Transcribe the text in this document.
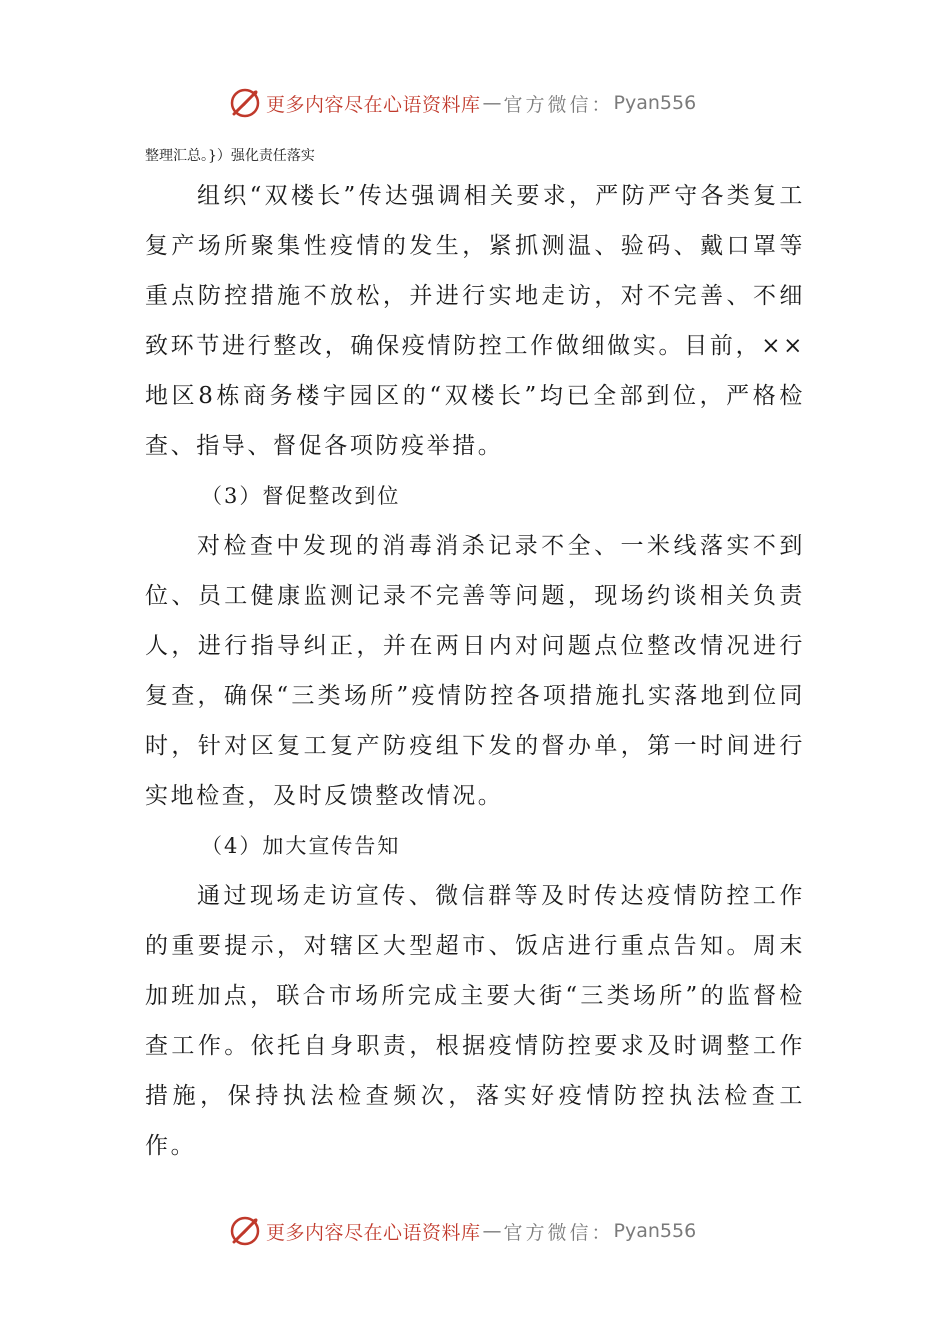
更多内容尽在心语资料库 — 官方微信： Pyan556
整理汇总。}）强化责任落实

组织“双楼长”传达强调相关要求，严防严守各类复工复产场所聚集性疫情的发生，紧抓测温、验码、戴口罩等重点防控措施不放松，并进行实地走访，对不完善、不细致环节进行整改，确保疫情防控工作做细做实。目前，××地区8栋商务楼宇园区的“双楼长”均已全部到位，严格检查、指导、督促各项防疫举措。

（3）督促整改到位

对检查中发现的消毒消杀记录不全、一米线落实不到位、员工健康监测记录不完善等问题，现场约谈相关负责人，进行指导纠正，并在两日内对问题点位整改情况进行复查，确保“三类场所”疫情防控各项措施扎实落地到位同时，针对区复工复产防疫组下发的督办单，第一时间进行实地检查，及时反馈整改情况。

（4）加大宣传告知

通过现场走访宣传、微信群等及时传达疫情防控工作的重要提示，对辖区大型超市、饭店进行重点告知。周末加班加点，联合市场所完成主要大街“三类场所”的监督检查工作。依托自身职责，根据疫情防控要求及时调整工作措施，保持执法检查频次，落实好疫情防控执法检查工作。

更多内容尽在心语资料库 — 官方微信： Pyan556
